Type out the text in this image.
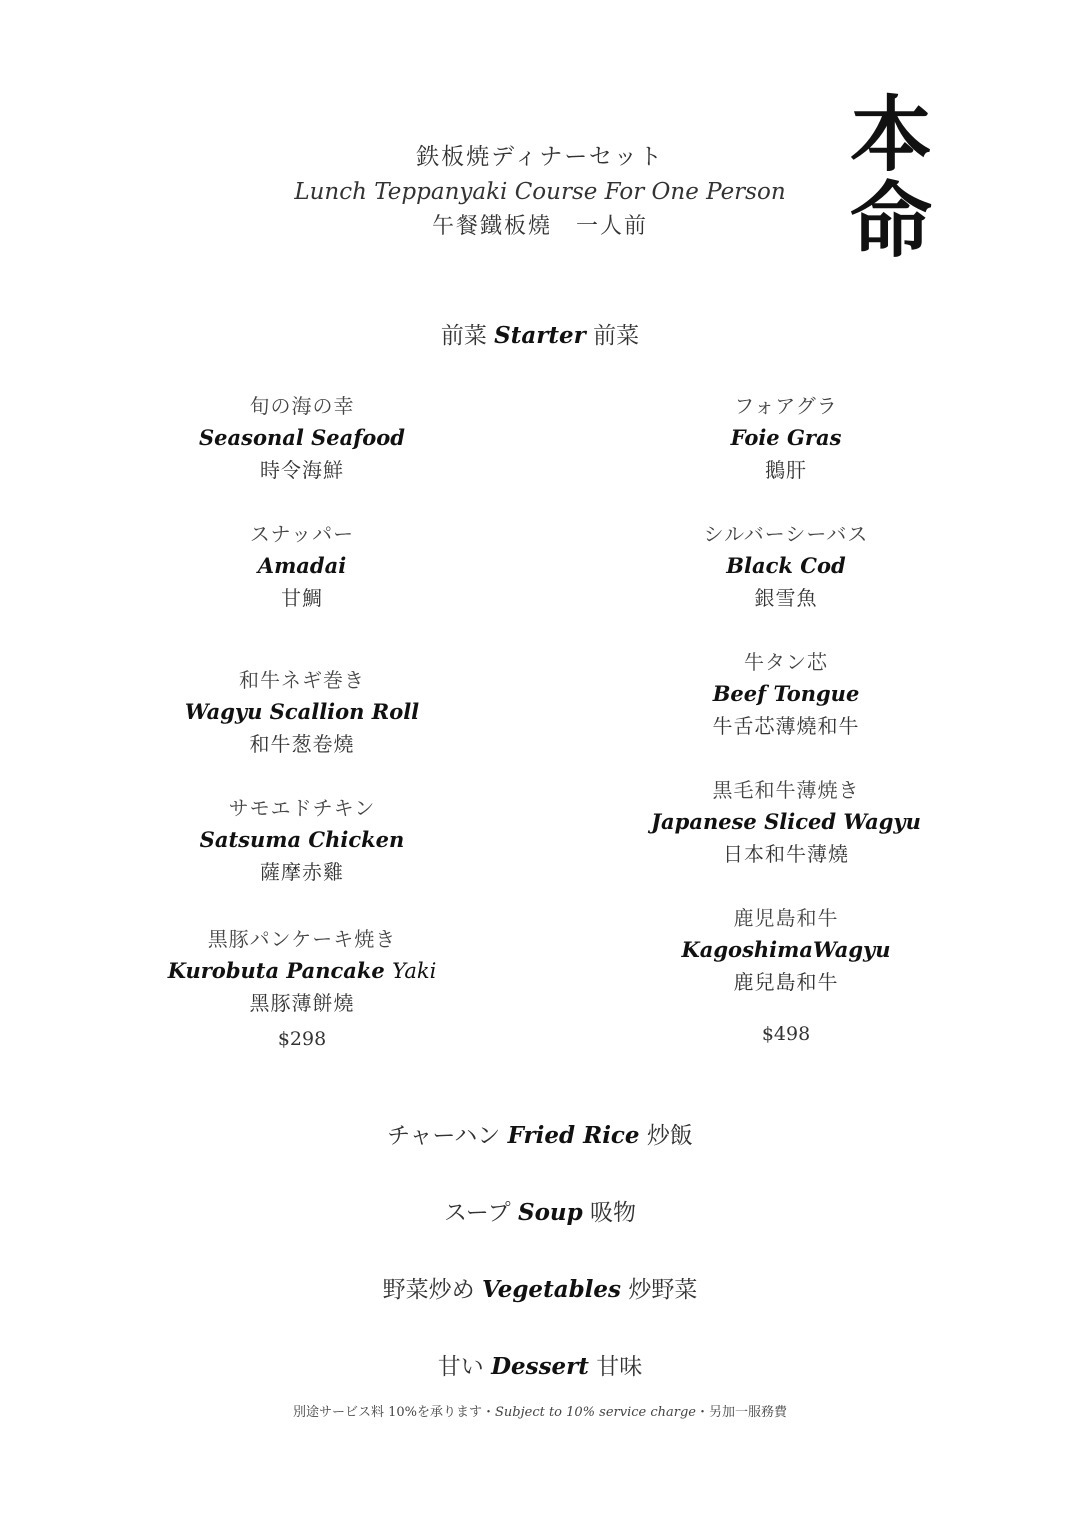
本
命
鉄板焼ディナーセット
Lunch Teppanyaki Course For One Person
午餐鐵板燒　一人前
前菜 Starter 前菜
旬の海の幸
Seasonal Seafood
時令海鮮
スナッパー
Amadai
甘鯛
和牛ネギ巻き
Wagyu Scallion Roll
和牛葱卷燒
サモエドチキン
Satsuma Chicken
薩摩赤雞
黒豚パンケーキ焼き
Kurobuta Pancake Yaki
黑豚薄餅燒
$298
フォアグラ
Foie Gras
鵝肝
シルバーシーバス
Black Cod
銀雪魚
牛タン芯
Beef Tongue
牛舌芯薄燒和牛
黒毛和牛薄焼き
Japanese Sliced Wagyu
日本和牛薄燒
鹿児島和牛
KagoshimaWagyu
鹿兒島和牛
$498
チャーハン Fried Rice 炒飯
スープ Soup 吸物
野菜炒め Vegetables 炒野菜
甘い Dessert 甘味
別途サービス料 10%を承ります・Subject to 10% service charge・另加一服務費
